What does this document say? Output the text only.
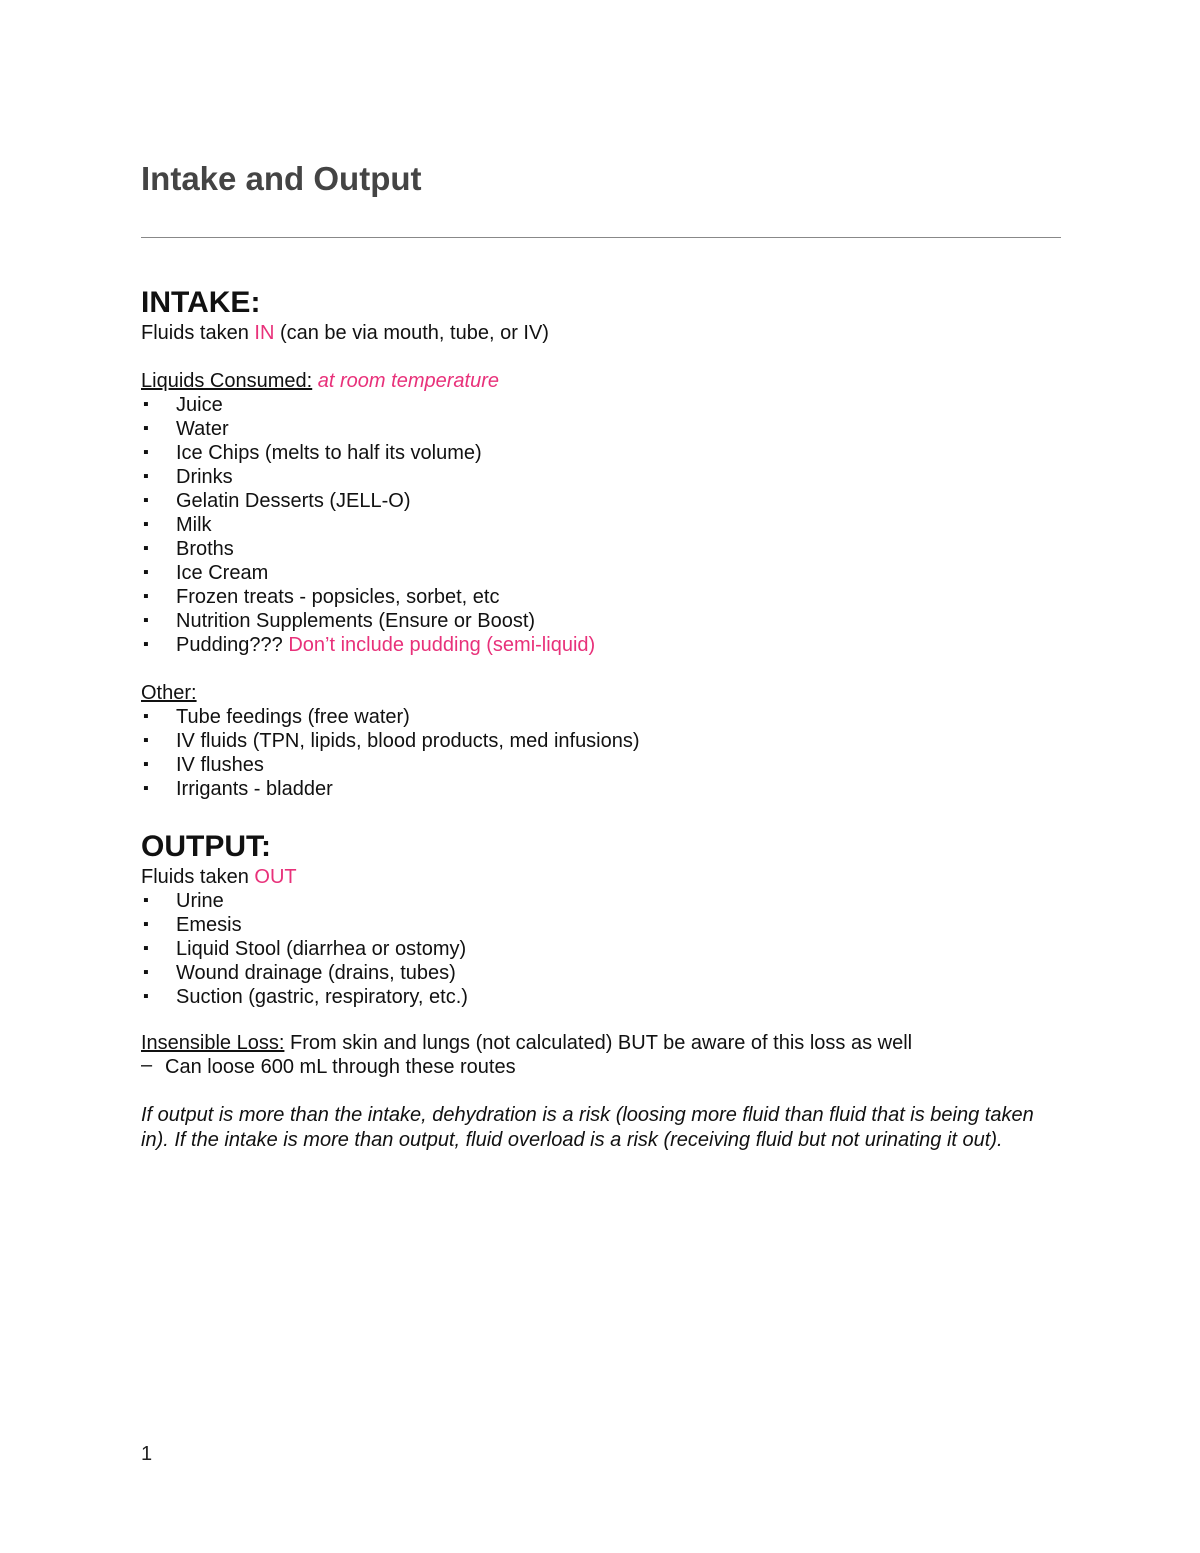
Intake and Output
INTAKE:

Fluids taken IN (can be via mouth, tube, or IV)

Liquids Consumed: at room temperature

▪ Juice
▪ Water
▪ Ice Chips (melts to half its volume)
▪ Drinks
▪ Gelatin Desserts (JELL-O)
▪ Milk
▪ Broths
▪ Ice Cream
▪ Frozen treats - popsicles, sorbet, etc
▪ Nutrition Supplements (Ensure or Boost)
▪ Pudding??? Don’t include pudding (semi-liquid)

Other:

▪ Tube feedings (free water)
▪ IV fluids (TPN, lipids, blood products, med infusions)
▪ IV flushes
▪ Irrigants - bladder
OUTPUT:

Fluids taken OUT

▪ Urine
▪ Emesis
▪ Liquid Stool (diarrhea or ostomy)
▪ Wound drainage (drains, tubes)
▪ Suction (gastric, respiratory, etc.)

Insensible Loss: From skin and lungs (not calculated) BUT be aware of this loss as well

– Can loose 600 mL through these routes

If output is more than the intake, dehydration is a risk (loosing more fluid than fluid that is being taken in). If the intake is more than output, fluid overload is a risk (receiving fluid but not urinating it out).

1
